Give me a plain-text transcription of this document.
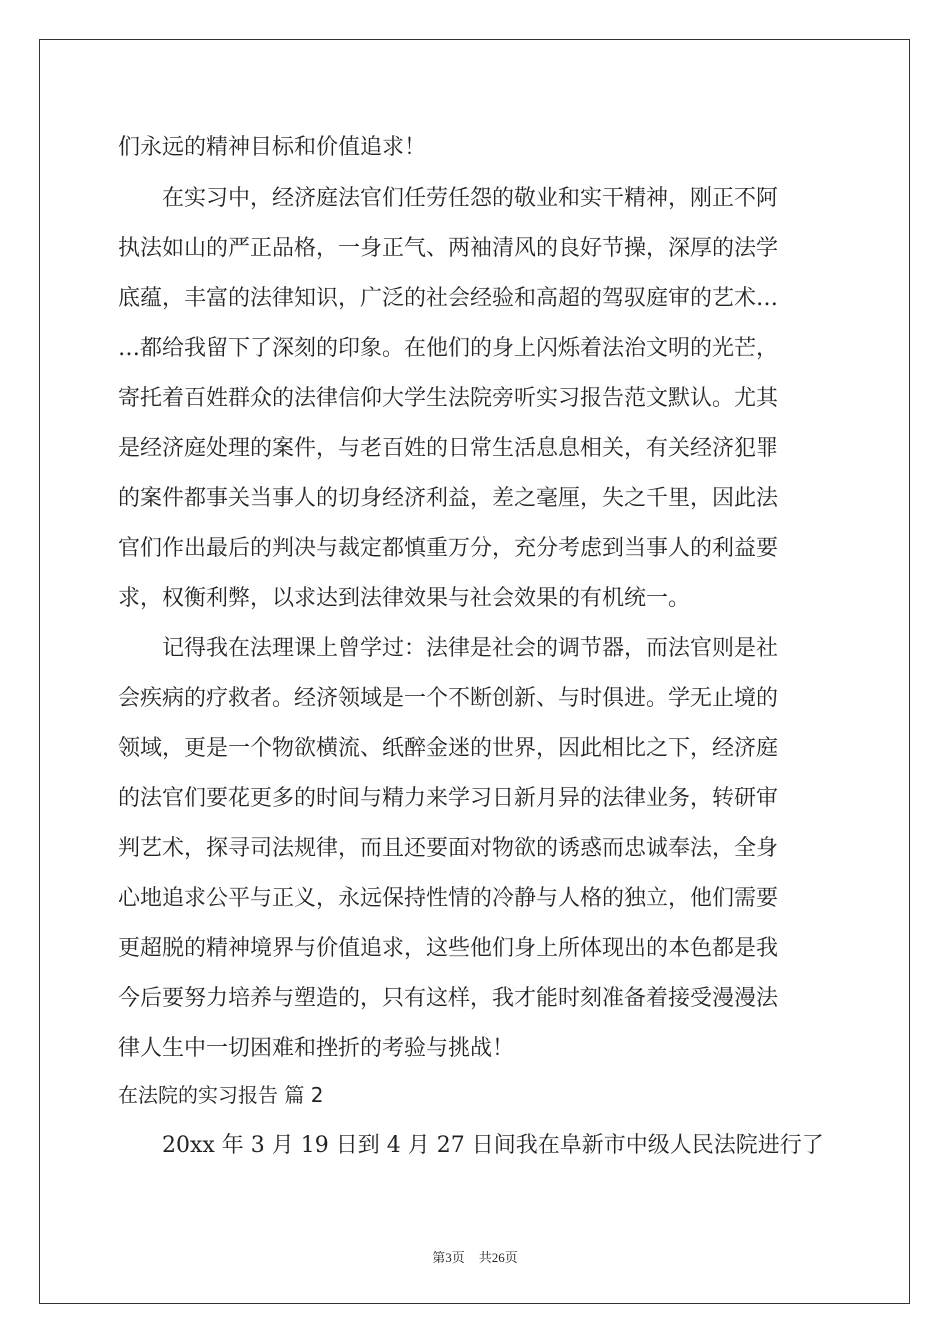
们永远的精神目标和价值追求！
　　在实习中，经济庭法官们任劳任怨的敬业和实干精神，刚正不阿
执法如山的严正品格，一身正气、两袖清风的良好节操，深厚的法学
底蕴，丰富的法律知识，广泛的社会经验和高超的驾驭庭审的艺术…
…都给我留下了深刻的印象。在他们的身上闪烁着法治文明的光芒，
寄托着百姓群众的法律信仰大学生法院旁听实习报告范文默认。尤其
是经济庭处理的案件，与老百姓的日常生活息息相关，有关经济犯罪
的案件都事关当事人的切身经济利益，差之毫厘，失之千里，因此法
官们作出最后的判决与裁定都慎重万分，充分考虑到当事人的利益要
求，权衡利弊，以求达到法律效果与社会效果的有机统一。
　　记得我在法理课上曾学过：法律是社会的调节器，而法官则是社
会疾病的疗救者。经济领域是一个不断创新、与时俱进。学无止境的
领域，更是一个物欲横流、纸醉金迷的世界，因此相比之下，经济庭
的法官们要花更多的时间与精力来学习日新月异的法律业务，转研审
判艺术，探寻司法规律，而且还要面对物欲的诱惑而忠诚奉法，全身
心地追求公平与正义，永远保持性情的冷静与人格的独立，他们需要
更超脱的精神境界与价值追求，这些他们身上所体现出的本色都是我
今后要努力培养与塑造的，只有这样，我才能时刻准备着接受漫漫法
律人生中一切困难和挫折的考验与挑战！
在法院的实习报告 篇 2
　　20xx 年 3 月 19 日到 4 月 27 日间我在阜新市中级人民法院进行了
第3页 共26页
